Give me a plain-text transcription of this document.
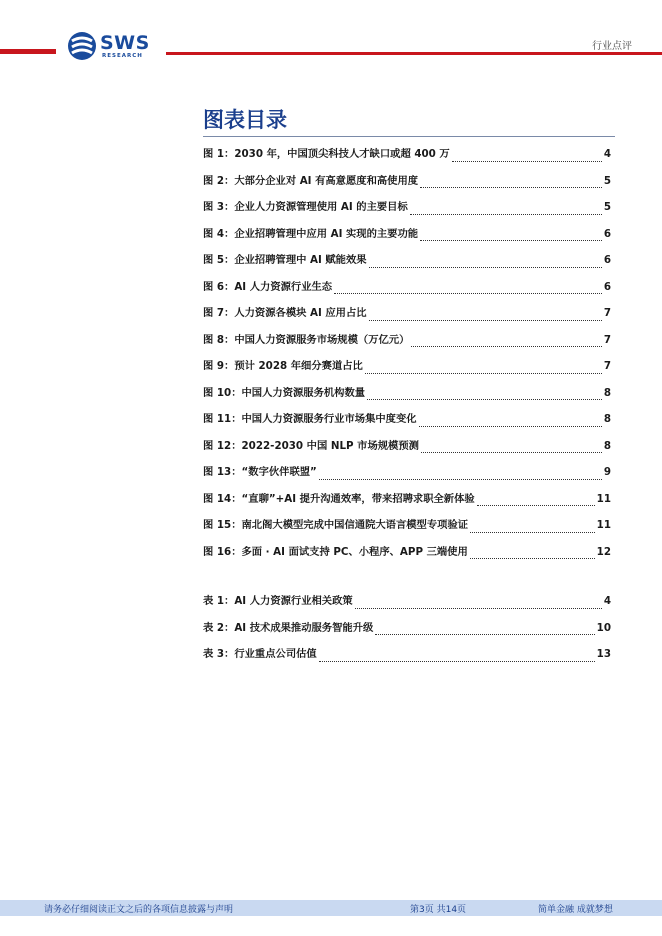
SWS
RESEARCH
行业点评
图表目录
图 1：2030 年，中国顶尖科技人才缺口或超 400 万	4
图 2：大部分企业对 AI 有高意愿度和高使用度	5
图 3：企业人力资源管理使用 AI 的主要目标	5
图 4：企业招聘管理中应用 AI 实现的主要功能	6
图 5：企业招聘管理中 AI 赋能效果	6
图 6：AI 人力资源行业生态	6
图 7：人力资源各模块 AI 应用占比	7
图 8：中国人力资源服务市场规模（万亿元）	7
图 9：预计 2028 年细分赛道占比	7
图 10：中国人力资源服务机构数量	8
图 11：中国人力资源服务行业市场集中度变化	8
图 12：2022-2030 中国 NLP 市场规模预测	8
图 13：“数字伙伴联盟”	9
图 14：“直聊”+AI 提升沟通效率，带来招聘求职全新体验	11
图 15：南北阁大模型完成中国信通院大语言模型专项验证	11
图 16：多面 · AI 面试支持 PC、小程序、APP 三端使用	12
表 1：AI 人力资源行业相关政策	4
表 2：AI 技术成果推动服务智能升级	10
表 3：行业重点公司估值	13
请务必仔细阅读正文之后的各项信息披露与声明	第3页 共14页	简单金融 成就梦想
